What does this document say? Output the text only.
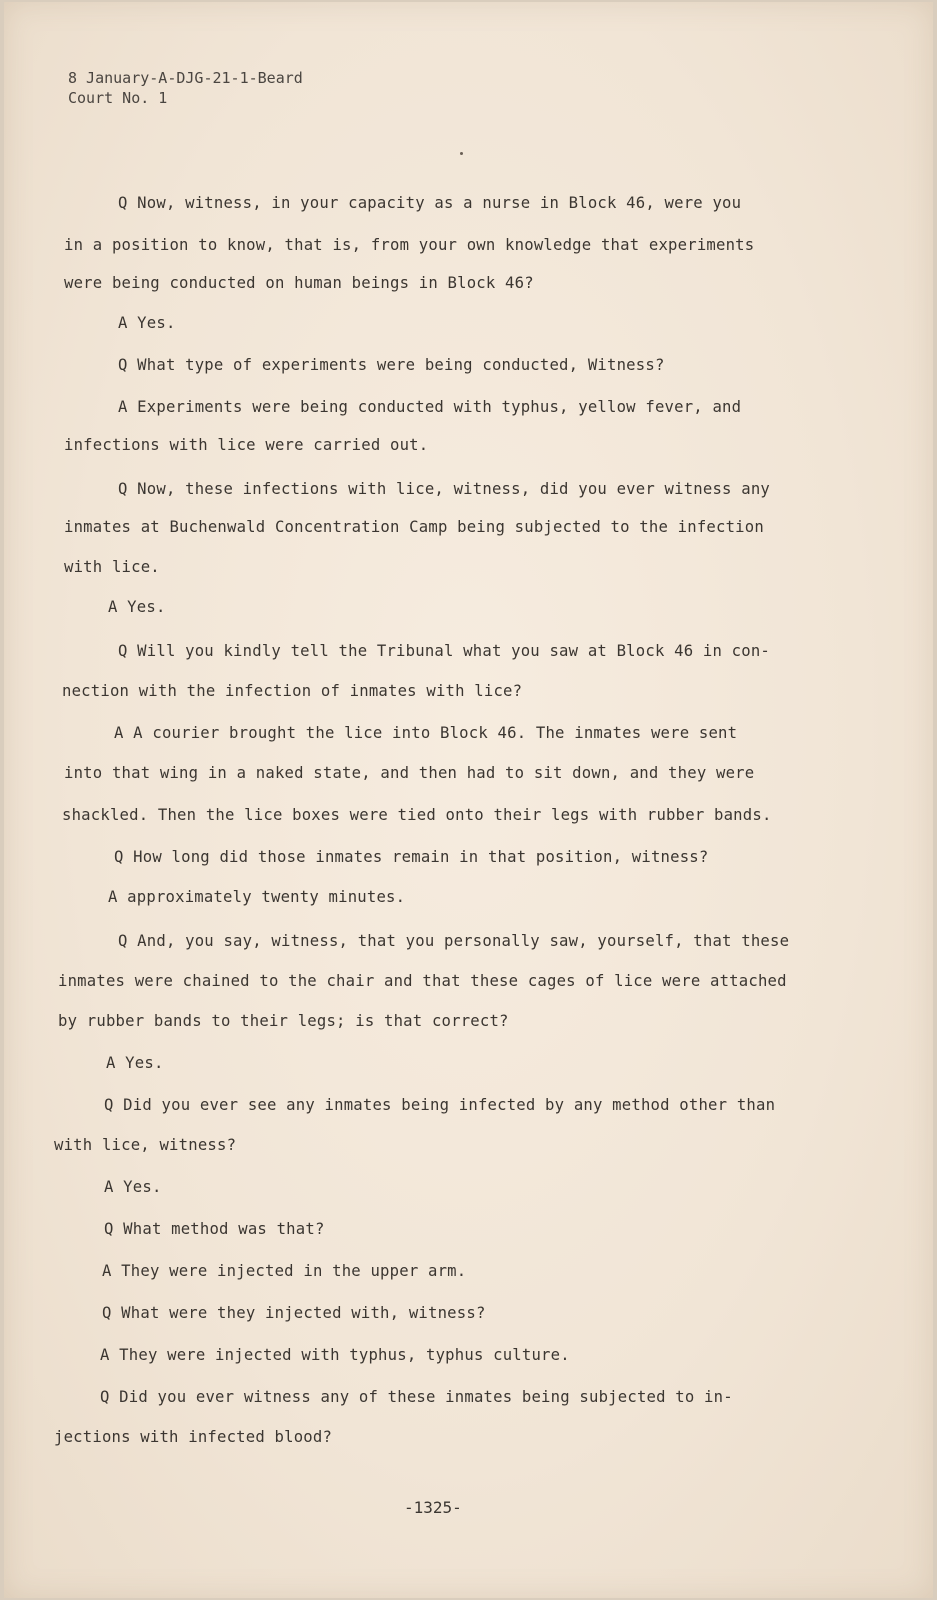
8 January-A-DJG-21-1-Beard
Court No. 1
Q Now, witness, in your capacity as a nurse in Block 46, were you
in a position to know, that is, from your own knowledge that experiments
were being conducted on human beings in Block 46?
A Yes.
Q What type of experiments were being conducted, Witness?
A Experiments were being conducted with typhus, yellow fever, and
infections with lice were carried out.
Q Now, these infections with lice, witness, did you ever witness any
inmates at Buchenwald Concentration Camp being subjected to the infection
with lice.
A Yes.
Q Will you kindly tell the Tribunal what you saw at Block 46 in con-
nection with the infection of inmates with lice?
A A courier brought the lice into Block 46. The inmates were sent
into that wing in a naked state, and then had to sit down, and they were
shackled. Then the lice boxes were tied onto their legs with rubber bands.
Q How long did those inmates remain in that position, witness?
A approximately twenty minutes.
Q And, you say, witness, that you personally saw, yourself, that these
inmates were chained to the chair and that these cages of lice were attached
by rubber bands to their legs; is that correct?
A Yes.
Q Did you ever see any inmates being infected by any method other than
with lice, witness?
A Yes.
Q What method was that?
A They were injected in the upper arm.
Q What were they injected with, witness?
A They were injected with typhus, typhus culture.
Q Did you ever witness any of these inmates being subjected to in-
jections with infected blood?
-1325-
